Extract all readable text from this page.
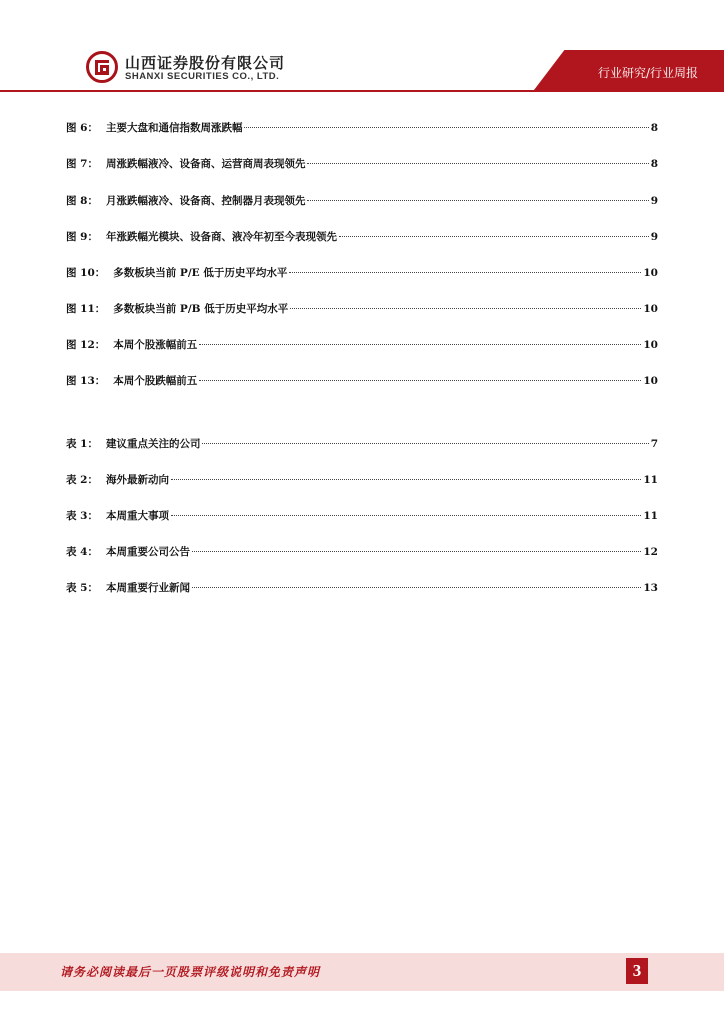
山西证券股份有限公司
SHANXI SECURITIES CO., LTD.	行业研究/行业周报
图 6： 主要大盘和通信指数周涨跌幅	8
图 7： 周涨跌幅液冷、设备商、运营商周表现领先	8
图 8： 月涨跌幅液冷、设备商、控制器月表现领先	9
图 9： 年涨跌幅光模块、设备商、液冷年初至今表现领先	9
图 10： 多数板块当前 P/E 低于历史平均水平	10
图 11： 多数板块当前 P/B 低于历史平均水平	10
图 12： 本周个股涨幅前五	10
图 13： 本周个股跌幅前五	10
表 1： 建议重点关注的公司	7
表 2： 海外最新动向	11
表 3： 本周重大事项	11
表 4： 本周重要公司公告	12
表 5： 本周重要行业新闻	13
请务必阅读最后一页股票评级说明和免责声明	3
